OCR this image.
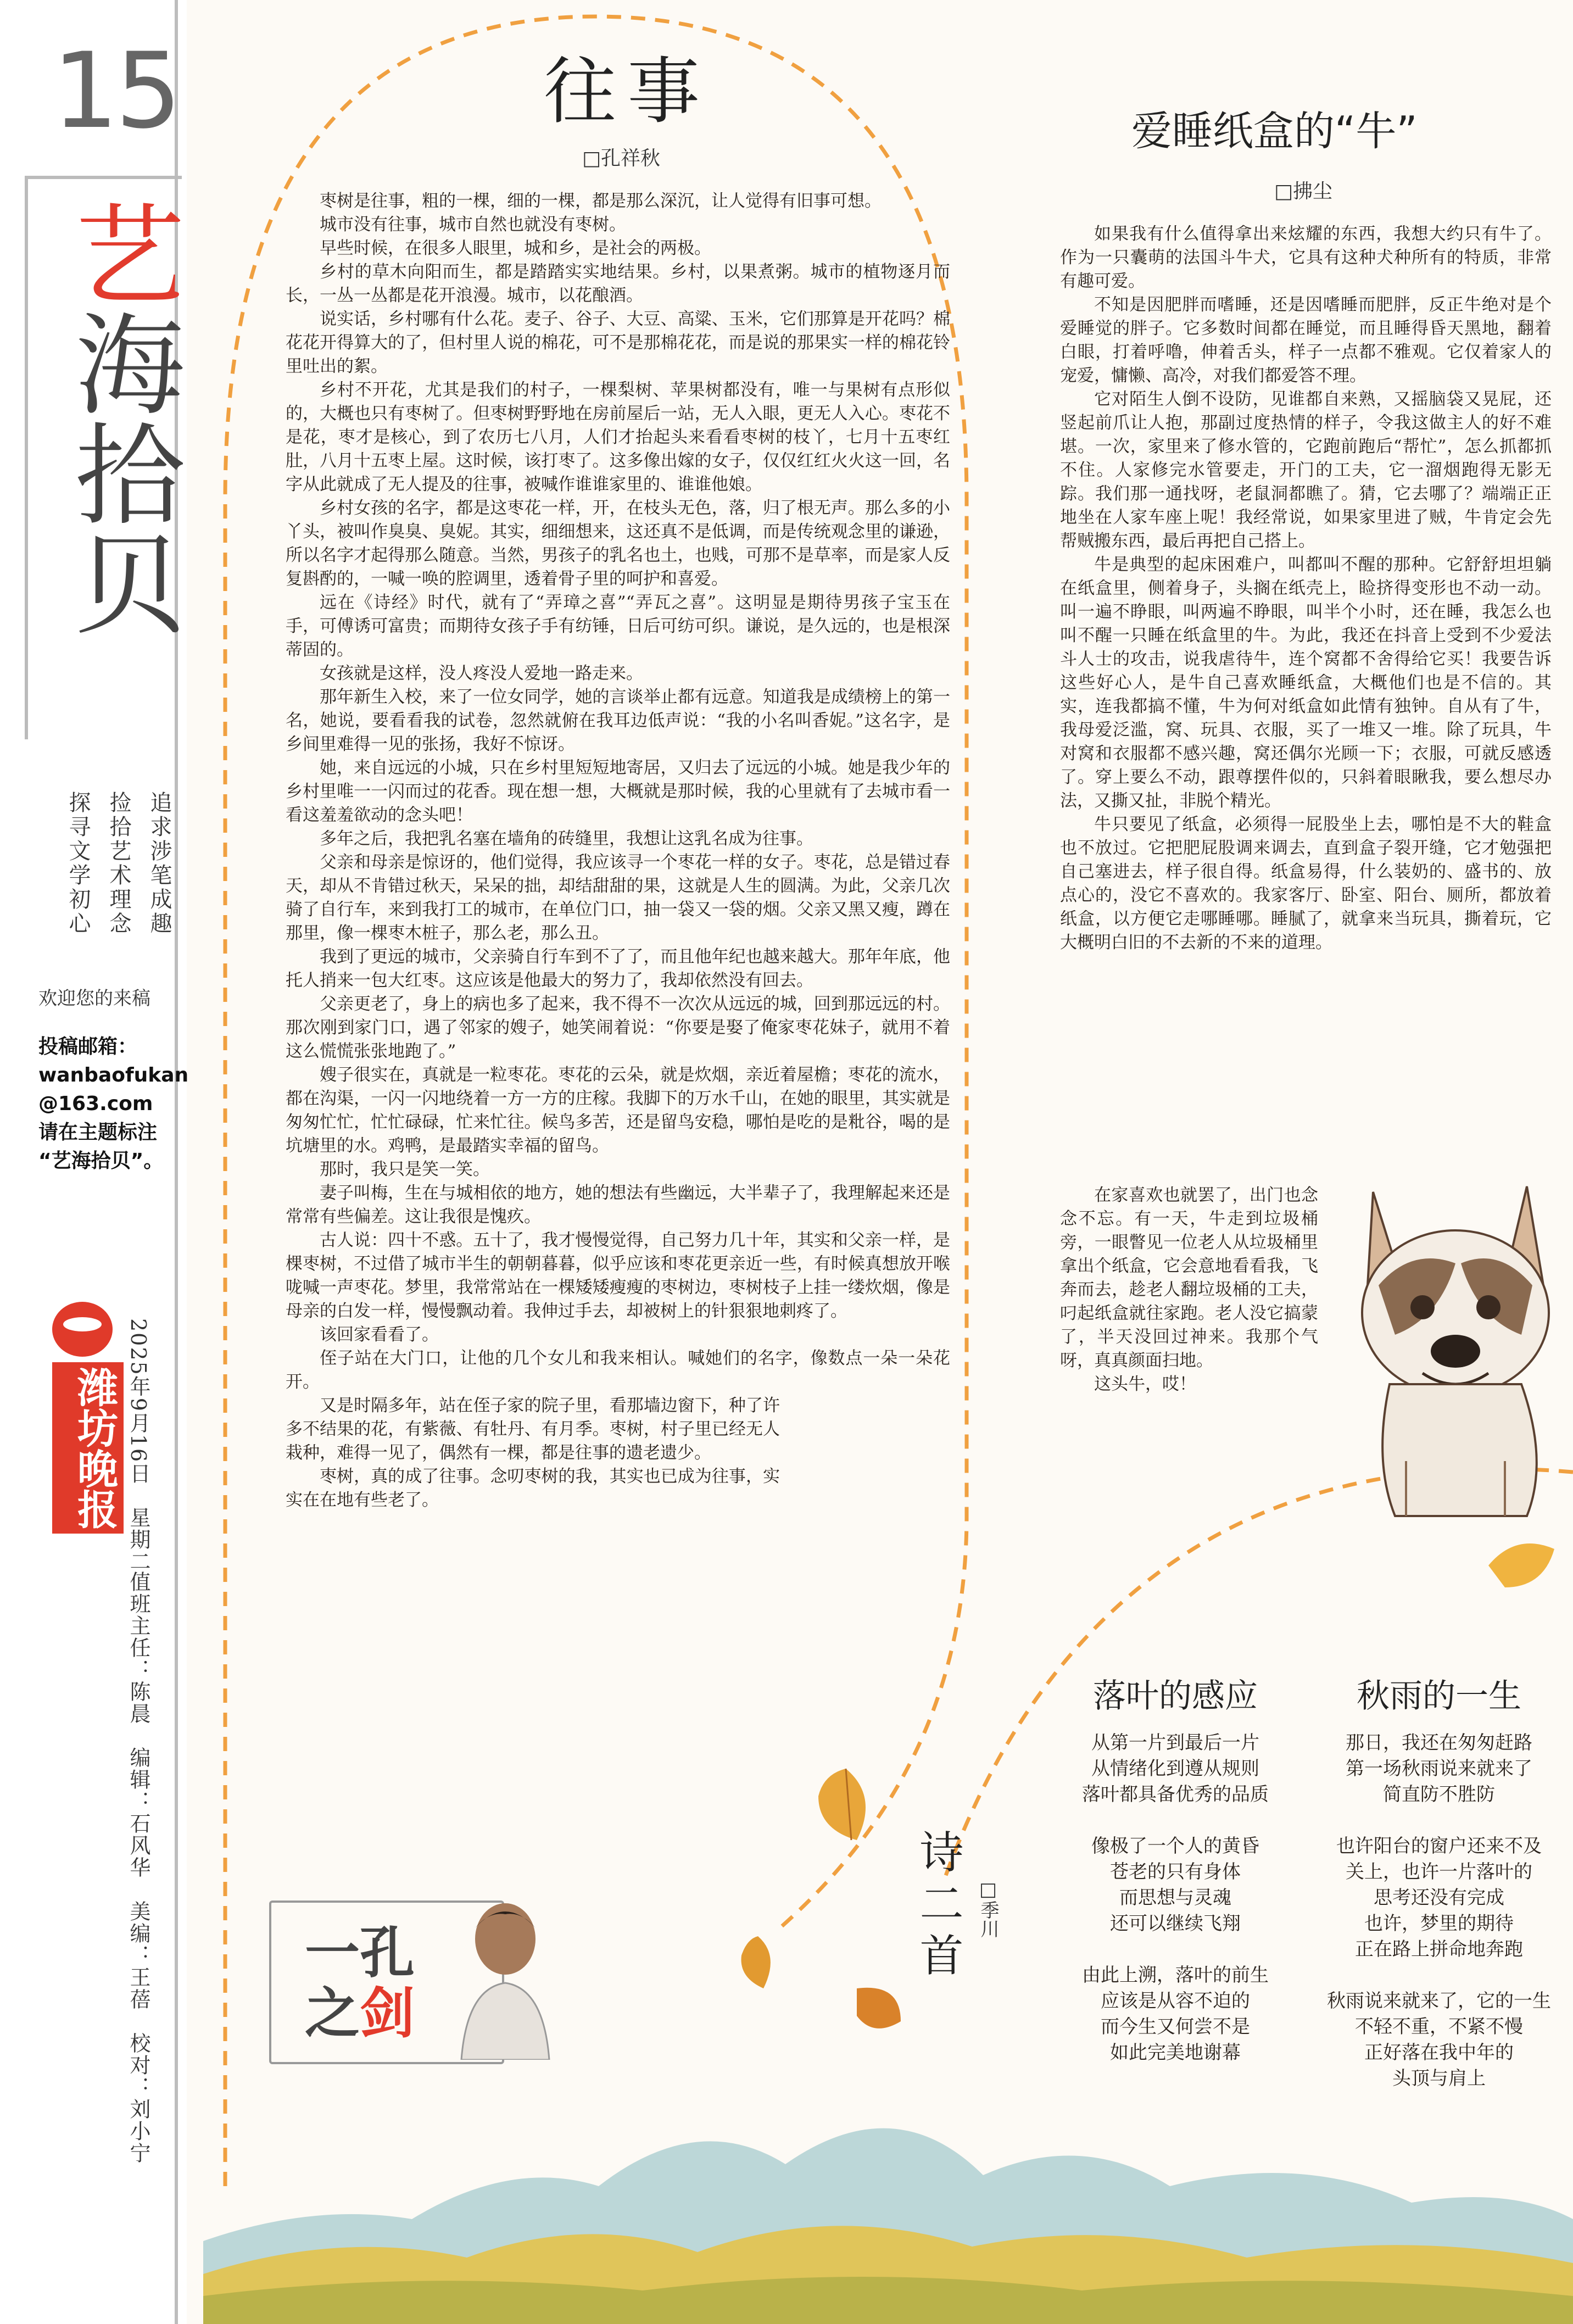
15
艺海拾贝
追求涉笔成趣
捡拾艺术理念
探寻文学初心
欢迎您的来稿
投稿邮箱：
wanbaofukan
@163.com
请在主题标注
“艺海拾贝”。
潍坊晚报 2025年9月16日　星期二
值班主任：陈晨　编辑：石风华　美编：王蓓　校对：刘小宁
往事
□孔祥秋

枣树是往事，粗的一棵，细的一棵，都是那么深沉，让人觉得有旧事可想。

城市没有往事，城市自然也就没有枣树。

早些时候，在很多人眼里，城和乡，是社会的两极。

乡村的草木向阳而生，都是踏踏实实地结果。乡村，以果煮粥。城市的植物逐月而长，一丛一丛都是花开浪漫。城市，以花酿酒。

说实话，乡村哪有什么花。麦子、谷子、大豆、高粱、玉米，它们那算是开花吗？棉花花开得算大的了，但村里人说的棉花，可不是那棉花花，而是说的那果实一样的棉花铃里吐出的絮。

乡村不开花，尤其是我们的村子，一棵梨树、苹果树都没有，唯一与果树有点形似的，大概也只有枣树了。但枣树野野地在房前屋后一站，无人入眼，更无人入心。枣花不是花，枣才是核心，到了农历七八月，人们才抬起头来看看枣树的枝丫，七月十五枣红肚，八月十五枣上屋。这时候，该打枣了。这多像出嫁的女子，仅仅红红火火这一回，名字从此就成了无人提及的往事，被喊作谁谁家里的、谁谁他娘。

乡村女孩的名字，都是这枣花一样，开，在枝头无色，落，归了根无声。那么多的小丫头，被叫作臭臭、臭妮。其实，细细想来，这还真不是低调，而是传统观念里的谦逊，所以名字才起得那么随意。当然，男孩子的乳名也土，也贱，可那不是草率，而是家人反复斟酌的，一喊一唤的腔调里，透着骨子里的呵护和喜爱。

远在《诗经》时代，就有了“弄璋之喜”“弄瓦之喜”。这明显是期待男孩子宝玉在手，可傅诱可富贵；而期待女孩子手有纺锤，日后可纺可织。谦说，是久远的，也是根深蒂固的。

女孩就是这样，没人疼没人爱地一路走来。

那年新生入校，来了一位女同学，她的言谈举止都有远意。知道我是成绩榜上的第一名，她说，要看看我的试卷，忽然就俯在我耳边低声说：“我的小名叫香妮。”这名字，是乡间里难得一见的张扬，我好不惊讶。

她，来自远远的小城，只在乡村里短短地寄居，又归去了远远的小城。她是我少年的乡村里唯一一闪而过的花香。现在想一想，大概就是那时候，我的心里就有了去城市看一看这羞羞欲动的念头吧！

多年之后，我把乳名塞在墙角的砖缝里，我想让这乳名成为往事。

父亲和母亲是惊讶的，他们觉得，我应该寻一个枣花一样的女子。枣花，总是错过春天，却从不肯错过秋天，呆呆的拙，却结甜甜的果，这就是人生的圆满。为此，父亲几次骑了自行车，来到我打工的城市，在单位门口，抽一袋又一袋的烟。父亲又黑又瘦，蹲在那里，像一棵枣木桩子，那么老，那么丑。

我到了更远的城市，父亲骑自行车到不了了，而且他年纪也越来越大。那年年底，他托人捎来一包大红枣。这应该是他最大的努力了，我却依然没有回去。

父亲更老了，身上的病也多了起来，我不得不一次次从远远的城，回到那远远的村。那次刚到家门口，遇了邻家的嫂子，她笑闹着说：“你要是娶了俺家枣花妹子，就用不着这么慌慌张张地跑了。”

嫂子很实在，真就是一粒枣花。枣花的云朵，就是炊烟，亲近着屋檐；枣花的流水，都在沟渠，一闪一闪地绕着一方一方的庄稼。我脚下的万水千山，在她的眼里，其实就是匆匆忙忙，忙忙碌碌，忙来忙往。候鸟多苦，还是留鸟安稳，哪怕是吃的是粃谷，喝的是坑塘里的水。鸡鸭，是最踏实幸福的留鸟。

那时，我只是笑一笑。

妻子叫梅，生在与城相依的地方，她的想法有些幽远，大半辈子了，我理解起来还是常常有些偏差。这让我很是愧疚。

古人说：四十不惑。五十了，我才慢慢觉得，自己努力几十年，其实和父亲一样，是棵枣树，不过借了城市半生的朝朝暮暮，似乎应该和枣花更亲近一些，有时候真想放开喉咙喊一声枣花。梦里，我常常站在一棵矮矮瘦瘦的枣树边，枣树枝子上挂一缕炊烟，像是母亲的白发一样，慢慢飘动着。我伸过手去，却被树上的针狠狠地刺疼了。

该回家看看了。

侄子站在大门口，让他的几个女儿和我来相认。喊她们的名字，像数点一朵一朵花开。

又是时隔多年，站在侄子家的院子里，看那墙边窗下，种了许多不结果的花，有紫薇、有牡丹、有月季。枣树，村子里已经无人栽种，难得一见了，偶然有一棵，都是往事的遗老遗少。

枣树，真的成了往事。念叨枣树的我，其实也已成为往事，实实在在地有些老了。

爱睡纸盒的“牛”
□拂尘

如果我有什么值得拿出来炫耀的东西，我想大约只有牛了。作为一只囊萌的法国斗牛犬，它具有这种犬种所有的特质，非常有趣可爱。

不知是因肥胖而嗜睡，还是因嗜睡而肥胖，反正牛绝对是个爱睡觉的胖子。它多数时间都在睡觉，而且睡得昏天黑地，翻着白眼，打着呼噜，伸着舌头，样子一点都不雅观。它仅着家人的宠爱，慵懒、高冷，对我们都爱答不理。

它对陌生人倒不设防，见谁都自来熟，又摇脑袋又晃屁，还竖起前爪让人抱，那副过度热情的样子，令我这做主人的好不难堪。一次，家里来了修水管的，它跑前跑后“帮忙”，怎么抓都抓不住。人家修完水管要走，开门的工夫，它一溜烟跑得无影无踪。我们那一通找呀，老鼠洞都瞧了。猜，它去哪了？端端正正地坐在人家车座上呢！我经常说，如果家里进了贼，牛肯定会先帮贼搬东西，最后再把自己搭上。

牛是典型的起床困难户，叫都叫不醒的那种。它舒舒坦坦躺在纸盒里，侧着身子，头搁在纸壳上，睑挤得变形也不动一动。叫一遍不睁眼，叫两遍不睁眼，叫半个小时，还在睡，我怎么也叫不醒一只睡在纸盒里的牛。为此，我还在抖音上受到不少爱法斗人士的攻击，说我虐待牛，连个窝都不舍得给它买！我要告诉这些好心人，是牛自己喜欢睡纸盒，大概他们也是不信的。其实，连我都搞不懂，牛为何对纸盒如此情有独钟。自从有了牛，我母爱泛滥，窝、玩具、衣服，买了一堆又一堆。除了玩具，牛对窝和衣服都不感兴趣，窝还偶尔光顾一下；衣服，可就反感透了。穿上要么不动，跟尊摆件似的，只斜着眼瞅我，要么想尽办法，又撕又扯，非脱个精光。

牛只要见了纸盒，必须得一屁股坐上去，哪怕是不大的鞋盒也不放过。它把肥屁股调来调去，直到盒子裂开缝，它才勉强把自己塞进去，样子很自得。纸盒易得，什么装奶的、盛书的、放点心的，没它不喜欢的。我家客厅、卧室、阳台、厕所，都放着纸盒，以方便它走哪睡哪。睡腻了，就拿来当玩具，撕着玩，它大概明白旧的不去新的不来的道理。

在家喜欢也就罢了，出门也念念不忘。有一天，牛走到垃圾桶旁，一眼瞥见一位老人从垃圾桶里拿出个纸盒，它会意地看看我，飞奔而去，趁老人翻垃圾桶的工夫，叼起纸盒就往家跑。老人没它搞蒙了，半天没回过神来。我那个气呀，真真颜面扫地。

这头牛，哎！

诗二首 □季川
落叶的感应
从第一片到最后一片
从情绪化到遵从规则
落叶都具备优秀的品质
像极了一个人的黄昏
苍老的只有身体
而思想与灵魂
还可以继续飞翔
由此上溯，落叶的前生
应该是从容不迫的
而今生又何尝不是
如此完美地谢幕
秋雨的一生
那日，我还在匆匆赶路
第一场秋雨说来就来了
简直防不胜防
也许阳台的窗户还来不及
关上，也许一片落叶的
思考还没有完成
也许，梦里的期待
正在路上拼命地奔跑
秋雨说来就来了，它的一生
不轻不重，不紧不慢
正好落在我中年的
头顶与肩上
一孔
之剑
